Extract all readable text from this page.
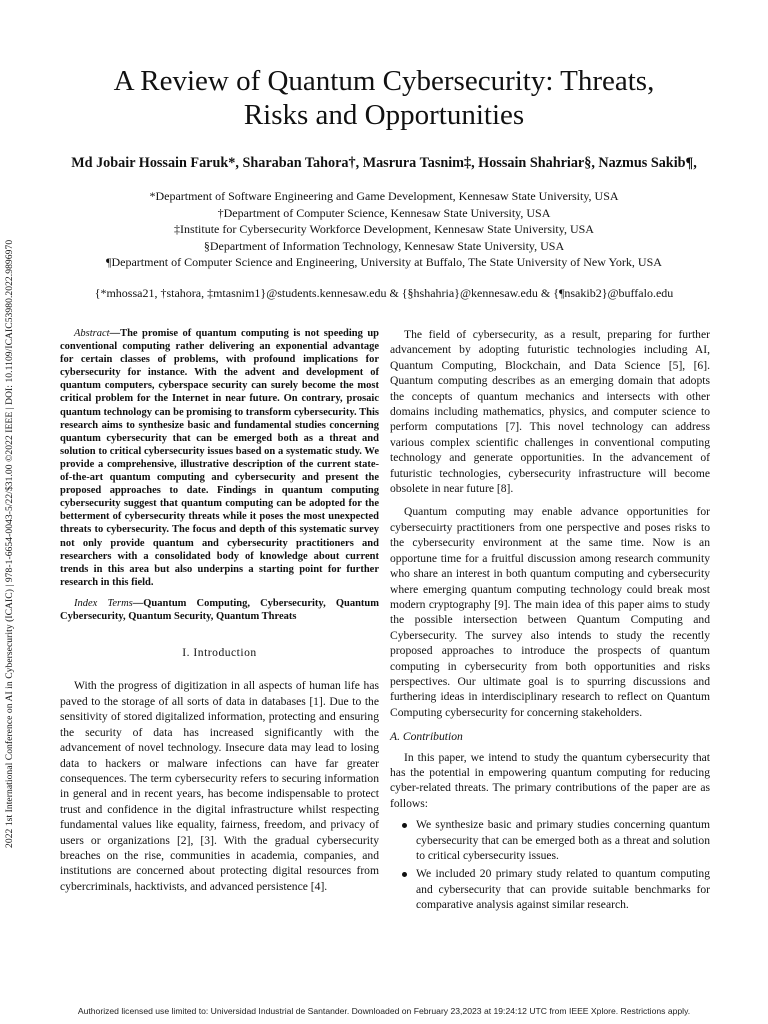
2022 1st International Conference on AI in Cybersecurity (ICAIC) | 978-1-6654-0043-5/22/$31.00 ©2022 IEEE | DOI: 10.1109/ICAIC53980.2022.9896970
A Review of Quantum Cybersecurity: Threats,
Risks and Opportunities
Md Jobair Hossain Faruk*, Sharaban Tahora†, Masrura Tasnim‡, Hossain Shahriar§, Nazmus Sakib¶,
*Department of Software Engineering and Game Development, Kennesaw State University, USA
†Department of Computer Science, Kennesaw State University, USA
‡Institute for Cybersecurity Workforce Development, Kennesaw State University, USA
§Department of Information Technology, Kennesaw State University, USA
¶Department of Computer Science and Engineering, University at Buffalo, The State University of New York, USA
{*mhossa21, †stahora, ‡mtasnim1}@students.kennesaw.edu & {§hshahria}@kennesaw.edu & {¶nsakib2}@buffalo.edu

Abstract—The promise of quantum computing is not speeding up conventional computing rather delivering an exponential advantage for certain classes of problems, with profound implications for cybersecurity for instance. With the advent and development of quantum computers, cyberspace security can surely become the most critical problem for the Internet in near future. On contrary, prosaic quantum technology can be promising to transform cybersecurity. This research aims to synthesize basic and fundamental studies concerning quantum cybersecurity that can be emerged both as a threat and solution to critical cybersecurity issues based on a systematic study. We provide a comprehensive, illustrative description of the current state-of-the-art quantum computing and cybersecurity and present the proposed approaches to date. Findings in quantum computing cybersecurity suggest that quantum computing can be adopted for the betterment of cybersecurity threats while it poses the most unexpected threats to cybersecurity. The focus and depth of this systematic survey not only provide quantum and cybersecurity practitioners and researchers with a consolidated body of knowledge about current trends in this area but also underpins a starting point for further research in this field.

Index Terms—Quantum Computing, Cybersecurity, Quantum Cybersecurity, Quantum Security, Quantum Threats

I. Introduction

With the progress of digitization in all aspects of human life has paved to the storage of all sorts of data in databases [1]. Due to the sensitivity of stored digitalized information, protecting and ensuring the security of data has increased significantly with the advancement of novel technology. Insecure data may lead to losing data to hackers or malware infections can have far greater consequences. The term cybersecurity refers to securing information in general and in recent years, has become indispensable to protect trust and confidence in the digital infrastructure whilst respecting fundamental values like equality, fairness, freedom, and privacy of users or organizations [2], [3]. With the gradual cybersecurity breaches on the rise, communities in academia, companies, and institutions are concerned about protecting digital resources from cybercriminals, hacktivists, and advanced persistence [4].

The field of cybersecurity, as a result, preparing for further advancement by adopting futuristic technologies including AI, Quantum Computing, Blockchain, and Data Science [5], [6]. Quantum computing describes as an emerging domain that adopts the concepts of quantum mechanics and intersects with other domains including mathematics, physics, and computer science to perform computations [7]. This novel technology can address various complex scientific challenges in conventional computing technology and generate opportunities. In the advancement of futuristic technologies, cybersecurity infrastructure will become obsolete in near future [8].

Quantum computing may enable advance opportunities for cybersecuirty practitioners from one perspective and poses risks to the cybersecurity environment at the same time. Now is an opportune time for a fruitful discussion among research community who share an interest in both quantum computing and cybersecurity where emerging quantum computing technology could break most modern cryptography [9]. The main idea of this paper aims to study the possible intersection between Quantum Computing and Cybersecurity. The survey also intends to study the recently proposed approaches to introduce the prospects of quantum computing in cybersecurity from both opportunities and risks perspectives. Our ultimate goal is to spurring discussions and furthering ideas in interdisciplinary research to reflect on Quantum Computing cybersecurity for concerning stakeholders.

A. Contribution

In this paper, we intend to study the quantum cybersecurity that has the potential in empowering quantum computing for reducing cyber-related threats. The primary contributions of the paper are as follows:

We synthesize basic and primary studies concerning quantum cybersecurity that can be emerged both as a threat and solution to critical cybersecurity issues.
We included 20 primary study related to quantum computing and cybersecurity that can provide suitable benchmarks for comparative analysis against similar research.
Authorized licensed use limited to: Universidad Industrial de Santander. Downloaded on February 23,2023 at 19:24:12 UTC from IEEE Xplore. Restrictions apply.
